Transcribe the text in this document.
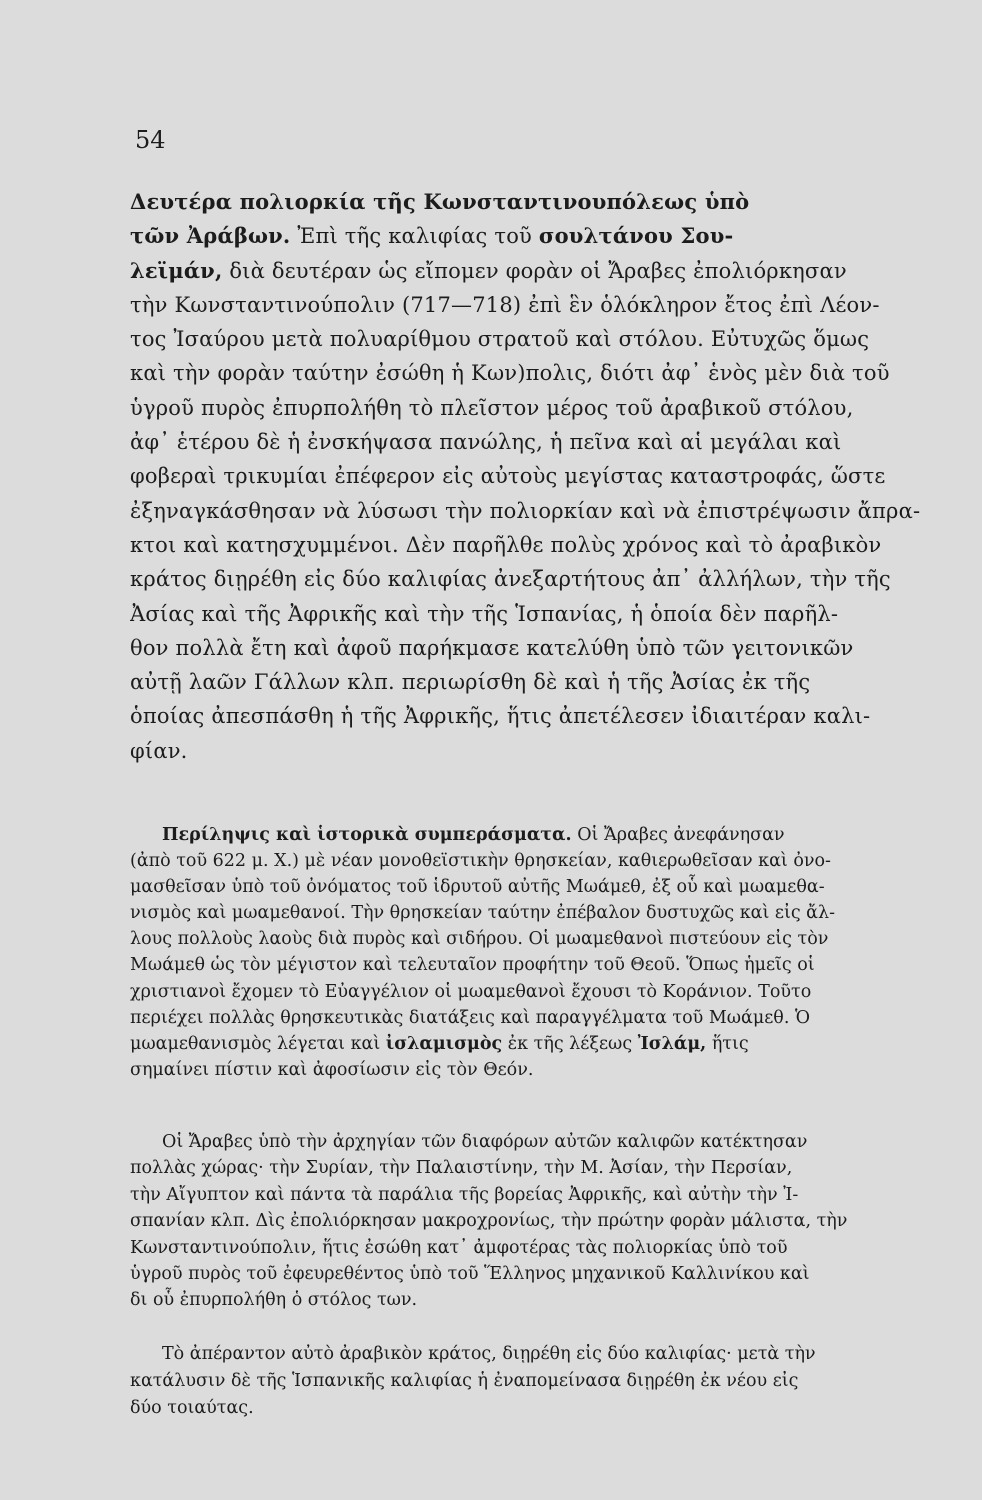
54
Δευτέρα πολιορκία τῆς Κωνσταντινουπόλεως ὑπὸ
τῶν Ἀράβων. Ἐπὶ τῆς καλιφίας τοῦ σουλτάνου Σου-
λεϊμάν, διὰ δευτέραν ὡς εἴπομεν φορὰν οἱ Ἄραβες ἐπολιόρκησαν
τὴν Κωνσταντινούπολιν (717—718) ἐπὶ ἓν ὁλόκληρον ἔτος ἐπὶ Λέον-
τος Ἰσαύρου μετὰ πολυαρίθμου στρατοῦ καὶ στόλου. Εὐτυχῶς ὅμως
καὶ τὴν φορὰν ταύτην ἐσώθη ἡ Κων)πολις, διότι ἀφ᾽ ἑνὸς μὲν διὰ τοῦ
ὑγροῦ πυρὸς ἐπυρπολήθη τὸ πλεῖστον μέρος τοῦ ἀραβικοῦ στόλου,
ἀφ᾽ ἑτέρου δὲ ἡ ἐνσκήψασα πανώλης, ἡ πεῖνα καὶ αἱ μεγάλαι καὶ
φοβεραὶ τρικυμίαι ἐπέφερον εἰς αὐτοὺς μεγίστας καταστροφάς, ὥστε
ἐξηναγκάσθησαν νὰ λύσωσι τὴν πολιορκίαν καὶ νὰ ἐπιστρέψωσιν ἄπρα-
κτοι καὶ κατησχυμμένοι. Δὲν παρῆλθε πολὺς χρόνος καὶ τὸ ἀραβικὸν
κράτος διῃρέθη εἰς δύο καλιφίας ἀνεξαρτήτους ἀπ᾽ ἀλλήλων, τὴν τῆς
Ἀσίας καὶ τῆς Ἀφρικῆς καὶ τὴν τῆς Ἱσπανίας, ἡ ὁποία δὲν παρῆλ-
θον πολλὰ ἔτη καὶ ἀφοῦ παρήκμασε κατελύθη ὑπὸ τῶν γειτονικῶν
αὐτῇ λαῶν Γάλλων κλπ. περιωρίσθη δὲ καὶ ἡ τῆς Ἀσίας ἐκ τῆς
ὁποίας ἀπεσπάσθη ἡ τῆς Ἀφρικῆς, ἥτις ἀπετέλεσεν ἰδιαιτέραν καλι-
φίαν.
Περίληψις καὶ ἱστορικὰ συμπεράσματα. Οἱ Ἄραβες ἀνεφάνησαν
(ἀπὸ τοῦ 622 μ. Χ.) μὲ νέαν μονοθεϊστικὴν θρησκείαν, καθιερωθεῖσαν καὶ ὀνο-
μασθεῖσαν ὑπὸ τοῦ ὀνόματος τοῦ ἱδρυτοῦ αὐτῆς Μωάμεθ, ἐξ οὗ καὶ μωαμεθα-
νισμὸς καὶ μωαμεθανοί. Τὴν θρησκείαν ταύτην ἐπέβαλον δυστυχῶς καὶ εἰς ἄλ-
λους πολλοὺς λαοὺς διὰ πυρὸς καὶ σιδήρου. Οἱ μωαμεθανοὶ πιστεύουν εἰς τὸν
Μωάμεθ ὡς τὸν μέγιστον καὶ τελευταῖον προφήτην τοῦ Θεοῦ. Ὅπως ἡμεῖς οἱ
χριστιανοὶ ἔχομεν τὸ Εὐαγγέλιον οἱ μωαμεθανοὶ ἔχουσι τὸ Κοράνιον. Τοῦτο
περιέχει πολλὰς θρησκευτικὰς διατάξεις καὶ παραγγέλματα τοῦ Μωάμεθ. Ὁ
μωαμεθανισμὸς λέγεται καὶ ἰσλαμισμὸς ἐκ τῆς λέξεως Ἰσλάμ, ἥτις
σημαίνει πίστιν καὶ ἀφοσίωσιν εἰς τὸν Θεόν.
Οἱ Ἄραβες ὑπὸ τὴν ἀρχηγίαν τῶν διαφόρων αὐτῶν καλιφῶν κατέκτησαν
πολλὰς χώρας· τὴν Συρίαν, τὴν Παλαιστίνην, τὴν Μ. Ἀσίαν, τὴν Περσίαν,
τὴν Αἴγυπτον καὶ πάντα τὰ παράλια τῆς βορείας Ἀφρικῆς, καὶ αὐτὴν τὴν Ἰ-
σπανίαν κλπ. Δὶς ἐπολιόρκησαν μακροχρονίως, τὴν πρώτην φορὰν μάλιστα, τὴν
Κωνσταντινούπολιν, ἥτις ἐσώθη κατ᾽ ἀμφοτέρας τὰς πολιορκίας ὑπὸ τοῦ
ὑγροῦ πυρὸς τοῦ ἐφευρεθέντος ὑπὸ τοῦ Ἕλληνος μηχανικοῦ Καλλινίκου καὶ
δι οὗ ἐπυρπολήθη ὁ στόλος των.
Τὸ ἀπέραντον αὐτὸ ἀραβικὸν κράτος, διῃρέθη εἰς δύο καλιφίας· μετὰ τὴν
κατάλυσιν δὲ τῆς Ἱσπανικῆς καλιφίας ἡ ἐναπομείνασα διῃρέθη ἐκ νέου εἰς
δύο τοιαύτας.
